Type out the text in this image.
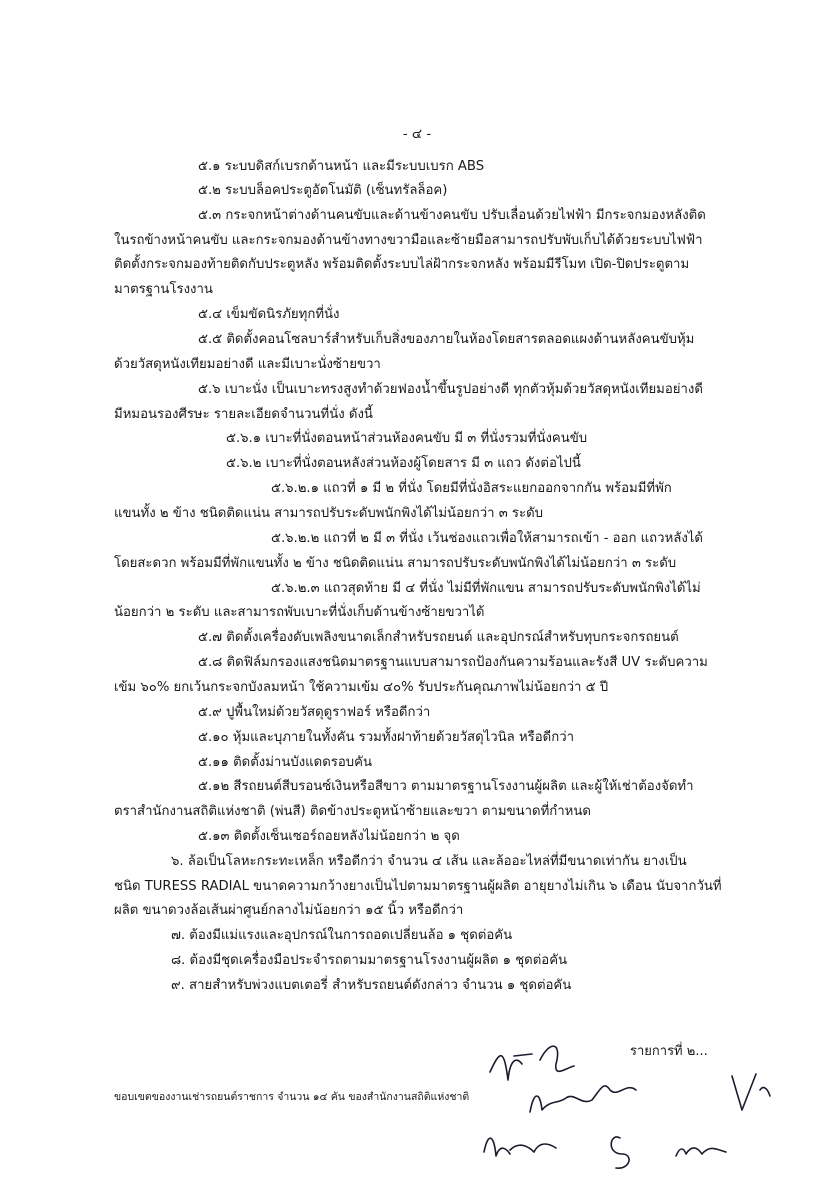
- ๔ -
๕.๑ ระบบดิสก์เบรกด้านหน้า และมีระบบเบรก ABS
๕.๒ ระบบล็อคประตูอัตโนมัติ (เซ็นทรัลล็อค)
๕.๓ กระจกหน้าต่างด้านคนขับและด้านข้างคนขับ ปรับเลื่อนด้วยไฟฟ้า มีกระจกมองหลังติด
ในรถข้างหน้าคนขับ และกระจกมองด้านข้างทางขวามือและซ้ายมือสามารถปรับพับเก็บได้ด้วยระบบไฟฟ้า
ติดตั้งกระจกมองท้ายติดกับประตูหลัง พร้อมติดตั้งระบบไล่ฝ้ากระจกหลัง พร้อมมีรีโมท เปิด-ปิดประตูตาม
มาตรฐานโรงงาน
๕.๔ เข็มขัดนิรภัยทุกที่นั่ง
๕.๕ ติดตั้งคอนโซลบาร์สำหรับเก็บสิ่งของภายในห้องโดยสารตลอดแผงด้านหลังคนขับหุ้ม
ด้วยวัสดุหนังเทียมอย่างดี และมีเบาะนั่งซ้ายขวา
๕.๖ เบาะนั่ง เป็นเบาะทรงสูงทำด้วยฟองน้ำขึ้นรูปอย่างดี ทุกตัวหุ้มด้วยวัสดุหนังเทียมอย่างดี
มีหมอนรองศีรษะ รายละเอียดจำนวนที่นั่ง ดังนี้
๕.๖.๑ เบาะที่นั่งตอนหน้าส่วนห้องคนขับ มี ๓ ที่นั่งรวมที่นั่งคนขับ
๕.๖.๒ เบาะที่นั่งตอนหลังส่วนห้องผู้โดยสาร มี ๓ แถว ดังต่อไปนี้
๕.๖.๒.๑ แถวที่ ๑ มี ๒ ที่นั่ง โดยมีที่นั่งอิสระแยกออกจากกัน พร้อมมีที่พัก
แขนทั้ง ๒ ข้าง ชนิดติดแน่น สามารถปรับระดับพนักพิงได้ไม่น้อยกว่า ๓ ระดับ
๕.๖.๒.๒ แถวที่ ๒ มี ๓ ที่นั่ง เว้นช่องแถวเพื่อให้สามารถเข้า - ออก แถวหลังได้
โดยสะดวก พร้อมมีที่พักแขนทั้ง ๒ ข้าง ชนิดติดแน่น สามารถปรับระดับพนักพิงได้ไม่น้อยกว่า ๓ ระดับ
๕.๖.๒.๓ แถวสุดท้าย มี ๔ ที่นั่ง ไม่มีที่พักแขน สามารถปรับระดับพนักพิงได้ไม่
น้อยกว่า ๒ ระดับ และสามารถพับเบาะที่นั่งเก็บด้านข้างซ้ายขวาได้
๕.๗ ติดตั้งเครื่องดับเพลิงขนาดเล็กสำหรับรถยนต์ และอุปกรณ์สำหรับทุบกระจกรถยนต์
๕.๘ ติดฟิล์มกรองแสงชนิดมาตรฐานแบบสามารถป้องกันความร้อนและรังสี UV ระดับความ
เข้ม ๖๐% ยกเว้นกระจกบังลมหน้า ใช้ความเข้ม ๔๐% รับประกันคุณภาพไม่น้อยกว่า ๕ ปี
๕.๙ ปูพื้นใหม่ด้วยวัสดุดูราฟอร์ หรือดีกว่า
๕.๑๐ หุ้มและบุภายในทั้งคัน รวมทั้งฝาท้ายด้วยวัสดุไวนิล หรือดีกว่า
๕.๑๑ ติดตั้งม่านบังแดดรอบคัน
๕.๑๒ สีรถยนต์สีบรอนซ์เงินหรือสีขาว ตามมาตรฐานโรงงานผู้ผลิต และผู้ให้เช่าต้องจัดทำ
ตราสำนักงานสถิติแห่งชาติ (พ่นสี) ติดข้างประตูหน้าซ้ายและขวา ตามขนาดที่กำหนด
๕.๑๓ ติดตั้งเซ็นเซอร์ถอยหลังไม่น้อยกว่า ๒ จุด
๖. ล้อเป็นโลหะกระทะเหล็ก หรือดีกว่า จำนวน ๔ เส้น และล้ออะไหล่ที่มีขนาดเท่ากัน ยางเป็น
ชนิด TURESS RADIAL ขนาดความกว้างยางเป็นไปตามมาตรฐานผู้ผลิต อายุยางไม่เกิน ๖ เดือน นับจากวันที่
ผลิต ขนาดวงล้อเส้นผ่าศูนย์กลางไม่น้อยกว่า ๑๕ นิ้ว หรือดีกว่า
๗. ต้องมีแม่แรงและอุปกรณ์ในการถอดเปลี่ยนล้อ ๑ ชุดต่อคัน
๘. ต้องมีชุดเครื่องมือประจำรถตามมาตรฐานโรงงานผู้ผลิต ๑ ชุดต่อคัน
๙. สายสำหรับพ่วงแบตเตอรี่ สำหรับรถยนต์ดังกล่าว จำนวน ๑ ชุดต่อคัน
รายการที่ ๒...
ขอบเขตของงานเช่ารถยนต์ราชการ จำนวน ๑๔ คัน ของสำนักงานสถิติแห่งชาติ
